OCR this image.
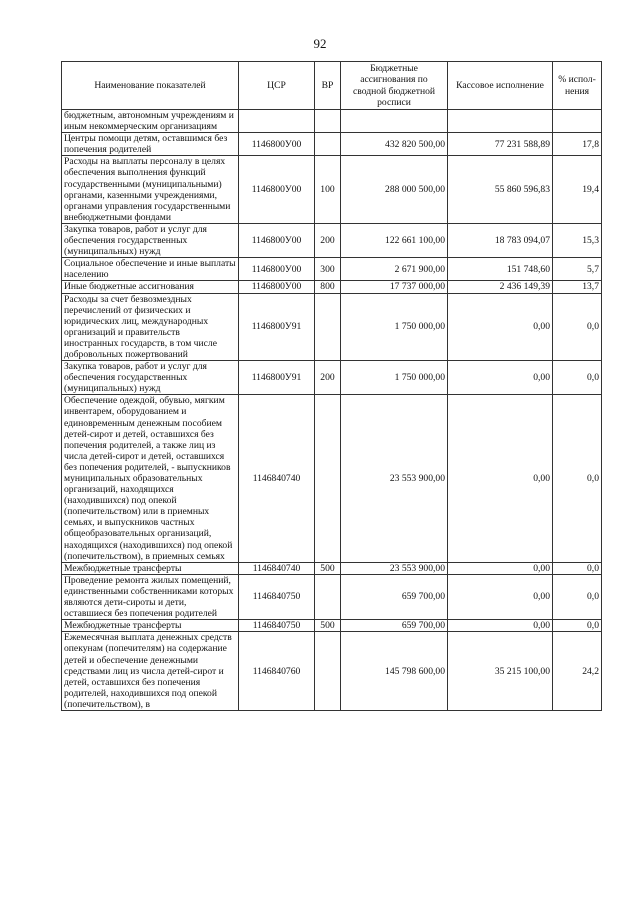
92
Наименование показателей	ЦСР	ВР	Бюджетные ассигнования по сводной бюджетной росписи	Кассовое исполнение	% испол-нения
бюджетным, автономным учреждениям и иным некоммерческим организациям					
Центры помощи детям, оставшимся без попечения родителей	1146800У00		432 820 500,00	77 231 588,89	17,8
Расходы на выплаты персоналу в целях обеспечения выполнения функций государственными (муниципальными) органами, казенными учреждениями, органами управления государственными внебюджетными фондами	1146800У00	100	288 000 500,00	55 860 596,83	19,4
Закупка товаров, работ и услуг для обеспечения государственных (муниципальных) нужд	1146800У00	200	122 661 100,00	18 783 094,07	15,3
Социальное обеспечение и иные выплаты населению	1146800У00	300	2 671 900,00	151 748,60	5,7
Иные бюджетные ассигнования	1146800У00	800	17 737 000,00	2 436 149,39	13,7
Расходы за счет безвозмездных перечислений от физических и юридических лиц, международных организаций и правительств иностранных государств, в том числе добровольных пожертвований	1146800У91		1 750 000,00	0,00	0,0
Закупка товаров, работ и услуг для обеспечения государственных (муниципальных) нужд	1146800У91	200	1 750 000,00	0,00	0,0
Обеспечение одеждой, обувью, мягким инвентарем, оборудованием и единовременным денежным пособием детей-сирот и детей, оставшихся без попечения родителей, а также лиц из числа детей-сирот и детей, оставшихся без попечения родителей, - выпускников муниципальных образовательных организаций, находящихся (находившихся) под опекой (попечительством) или в приемных семьях, и выпускников частных общеобразовательных организаций, находящихся (находившихся) под опекой (попечительством), в приемных семьях	1146840740		23 553 900,00	0,00	0,0
Межбюджетные трансферты	1146840740	500	23 553 900,00	0,00	0,0
Проведение ремонта жилых помещений, единственными собственниками которых являются дети-сироты и дети, оставшиеся без попечения родителей	1146840750		659 700,00	0,00	0,0
Межбюджетные трансферты	1146840750	500	659 700,00	0,00	0,0
Ежемесячная выплата денежных средств опекунам (попечителям) на содержание детей и обеспечение денежными средствами лиц из числа детей-сирот и детей, оставшихся без попечения родителей, находившихся под опекой (попечительством), в	1146840760		145 798 600,00	35 215 100,00	24,2
